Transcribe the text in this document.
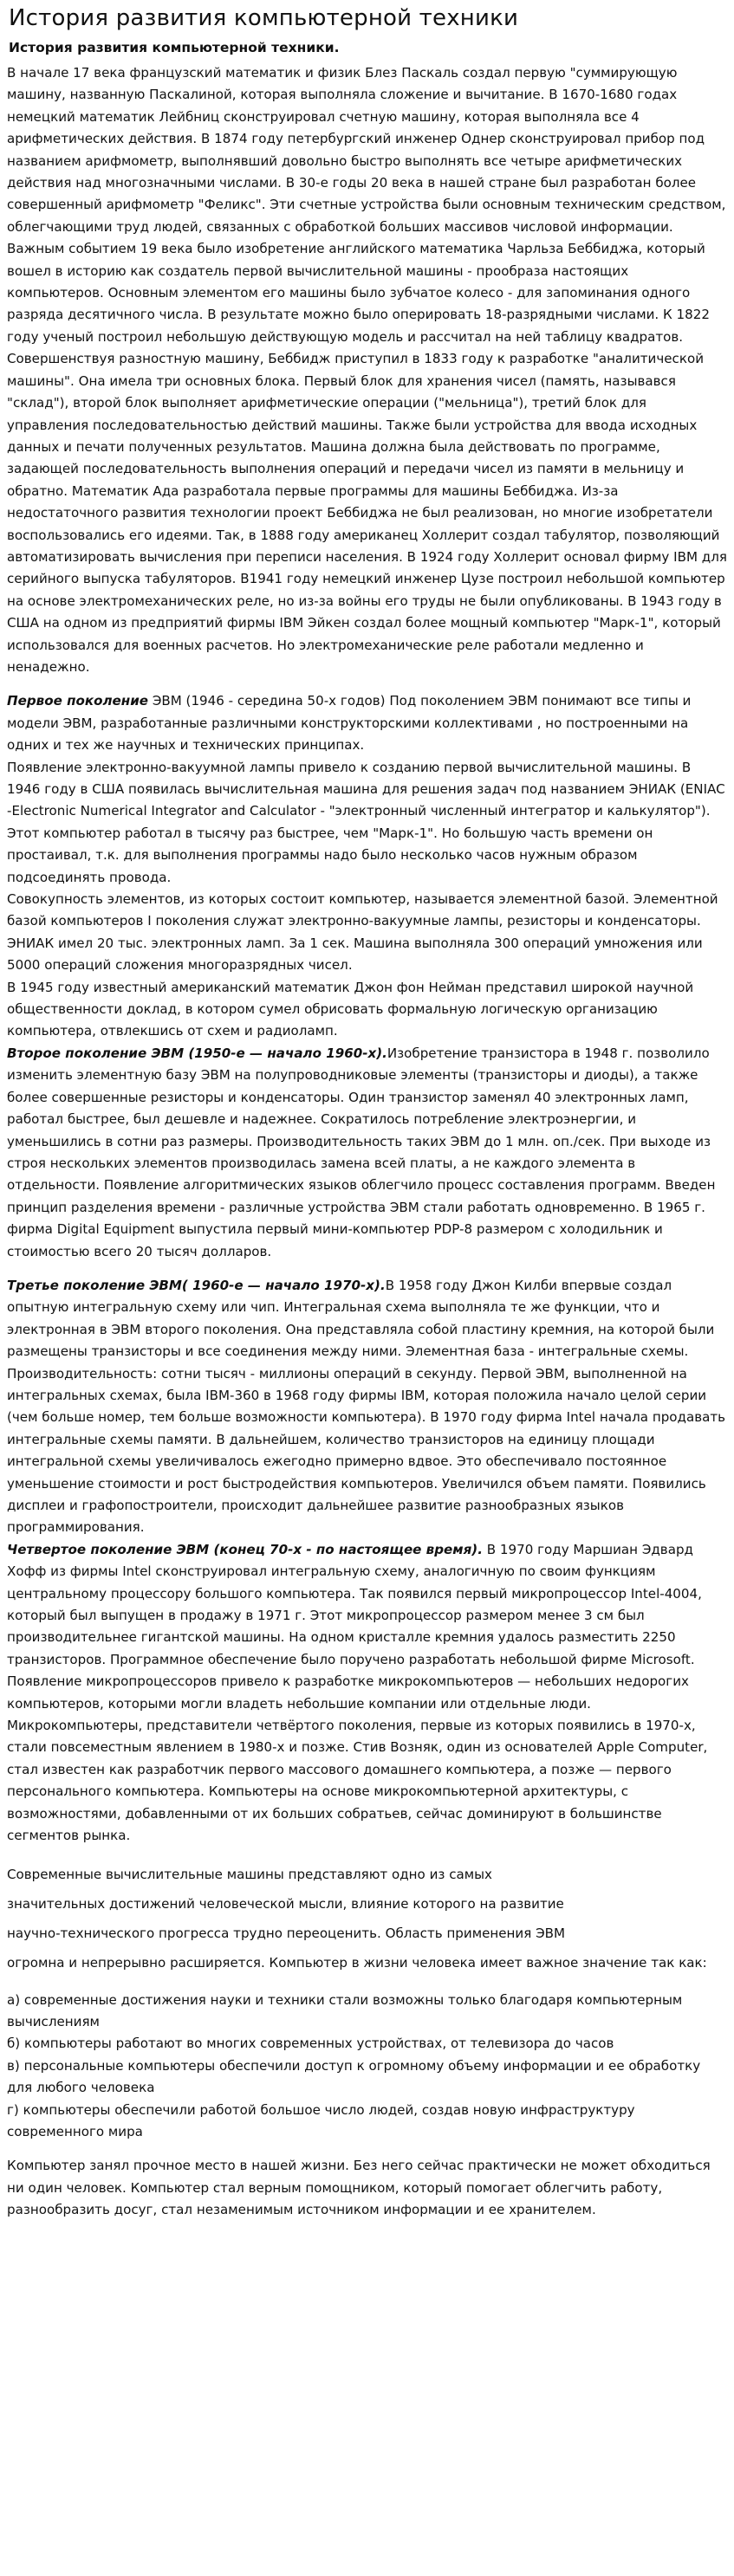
История развития компьютерной техники
История развития компьютерной техники.

В начале 17 века французский математик и физик Блез Паскаль создал первую "суммирующую машину, названную Паскалиной, которая выполняла сложение и вычитание. В 1670-1680 годах немецкий математик Лейбниц сконструировал счетную машину, которая выполняла все 4 арифметических действия. В 1874 году петербургский инженер Однер сконструировал прибор под названием арифмометр, выполнявший довольно быстро выполнять все четыре арифметических действия над многозначными числами. В 30-е годы 20 века в нашей стране был разработан более совершенный арифмометр "Феликс". Эти счетные устройства были основным техническим средством, облегчающими труд людей, связанных с обработкой больших массивов числовой информации. Важным событием 19 века было изобретение английского математика Чарльза Беббиджа, который вошел в историю как создатель первой вычислительной машины - прообраза настоящих компьютеров. Основным элементом его машины было зубчатое колесо - для запоминания одного разряда десятичного числа. В результате можно было оперировать 18-разрядными числами. К 1822 году ученый построил небольшую действующую модель и рассчитал на ней таблицу квадратов. Совершенствуя разностную машину, Беббидж приступил в 1833 году к разработке "аналитической машины". Она имела три основных блока. Первый блок для хранения чисел (память, назывався "склад"), второй блок выполняет арифметические операции ("мельница"), третий блок для управления последовательностью действий машины. Также были устройства для ввода исходных данных и печати полученных результатов. Машина должна была действовать по программе, задающей последовательность выполнения операций и передачи чисел из памяти в мельницу и обратно. Математик Ада разработала первые программы для машины Беббиджа. Из-за недостаточного развития технологии проект Беббиджа не был реализован, но многие изобретатели воспользовались его идеями. Так, в 1888 году американец Холлерит создал табулятор, позволяющий автоматизировать вычисления при переписи населения. В 1924 году Холлерит основал фирму IBM для серийного выпуска табуляторов. В1941 году немецкий инженер Цузе построил небольшой компьютер на основе электромеханических реле, но из-за войны его труды не были опубликованы. В 1943 году в США на одном из предприятий фирмы IBM Эйкен создал более мощный компьютер "Марк-1", который использовался для военных расчетов. Но электромеханические реле работали медленно и ненадежно.

Первое поколение ЭВМ (1946 - середина 50-х годов) Под поколением ЭВМ понимают все типы и модели ЭВМ, разработанные различными конструкторскими коллективами , но построенными на одних и тех же научных и технических принципах.

Появление электронно-вакуумной лампы привело к созданию первой вычислительной машины. В 1946 году в США появилась вычислительная машина для решения задач под названием ЭНИАК (ENIAC -Electronic Numerical Integrator and Calculator - "электронный численный интегратор и калькулятор"). Этот компьютер работал в тысячу раз быстрее, чем "Марк-1". Но большую часть времени он простаивал, т.к. для выполнения программы надо было несколько часов нужным образом подсоединять провода.

Совокупность элементов, из которых состоит компьютер, называется элементной базой. Элементной базой компьютеров I поколения служат электронно-вакуумные лампы, резисторы и конденсаторы. ЭНИАК имел 20 тыс. электронных ламп. За 1 сек. Машина выполняла 300 операций умножения или 5000 операций сложения многоразрядных чисел.

В 1945 году известный американский математик Джон фон Нейман представил широкой научной общественности доклад, в котором сумел обрисовать формальную логическую организацию компьютера, отвлекшись от схем и радиоламп.

Второе поколение ЭВМ (1950-е — начало 1960-х).Изобретение транзистора в 1948 г. позволило изменить элементную базу ЭВМ на полупроводниковые элементы (транзисторы и диоды), а также более совершенные резисторы и конденсаторы. Один транзистор заменял 40 электронных ламп, работал быстрее, был дешевле и надежнее. Сократилось потребление электроэнергии, и уменьшились в сотни раз размеры. Производительность таких ЭВМ до 1 млн. оп./сек. При выходе из строя нескольких элементов производилась замена всей платы, а не каждого элемента в отдельности. Появление алгоритмических языков облегчило процесс составления программ. Введен принцип разделения времени - различные устройства ЭВМ стали работать одновременно. В 1965 г. фирма Digital Equipment выпустила первый мини-компьютер PDP-8 размером с холодильник и стоимостью всего 20 тысяч долларов.

Третье поколение ЭВМ( 1960-е — начало 1970-х).В 1958 году Джон Килби впервые создал опытную интегральную схему или чип. Интегральная схема выполняла те же функции, что и электронная в ЭВМ второго поколения. Она представляла собой пластину кремния, на которой были размещены транзисторы и все соединения между ними. Элементная база - интегральные схемы. Производительность: сотни тысяч - миллионы операций в секунду. Первой ЭВМ, выполненной на интегральных схемах, была IBM-360 в 1968 году фирмы IBM, которая положила начало целой серии (чем больше номер, тем больше возможности компьютера). В 1970 году фирма Intel начала продавать интегральные схемы памяти. В дальнейшем, количество транзисторов на единицу площади интегральной схемы увеличивалось ежегодно примерно вдвое. Это обеспечивало постоянное уменьшение стоимости и рост быстродействия компьютеров. Увеличился объем памяти. Появились дисплеи и графопостроители, происходит дальнейшее развитие разнообразных языков программирования.

Четвертое поколение ЭВМ (конец 70-х - по настоящее время). В 1970 году Маршиан Эдвард Хофф из фирмы Intel сконструировал интегральную схему, аналогичную по своим функциям центральному процессору большого компьютера. Так появился первый микропроцессор Intel-4004, который был выпущен в продажу в 1971 г. Этот микропроцессор размером менее 3 см был производительнее гигантской машины. На одном кристалле кремния удалось разместить 2250 транзисторов. Программное обеспечение было поручено разработать небольшой фирме Microsoft. Появление микропроцессоров привело к разработке микрокомпьютеров — небольших недорогих компьютеров, которыми могли владеть небольшие компании или отдельные люди. Микрокомпьютеры, представители четвёртого поколения, первые из которых появились в 1970-х, стали повсеместным явлением в 1980-х и позже. Стив Возняк, один из основателей Apple Computer, стал известен как разработчик первого массового домашнего компьютера, а позже — первого персонального компьютера. Компьютеры на основе микрокомпьютерной архитектуры, с возможностями, добавленными от их больших собратьев, сейчас доминируют в большинстве сегментов рынка.

Современные вычислительные машины представляют одно из самых

значительных достижений человеческой мысли, влияние которого на развитие

научно-технического прогресса трудно переоценить. Область применения ЭВМ

огромна и непрерывно расширяется. Компьютер в жизни человека имеет важное значение так как:

а) современные достижения науки и техники стали возможны только благодаря компьютерным вычислениям

б) компьютеры работают во многих современных устройствах, от телевизора до часов

в) персональные компьютеры обеспечили доступ к огромному объему информации и ее обработку для любого человека

г) компьютеры обеспечили работой большое число людей, создав новую инфраструктуру современного мира

Компьютер занял прочное место в нашей жизни. Без него сейчас практически не может обходиться ни один человек. Компьютер стал верным помощником, который помогает облегчить работу, разнообразить досуг, стал незаменимым источником информации и ее хранителем.
